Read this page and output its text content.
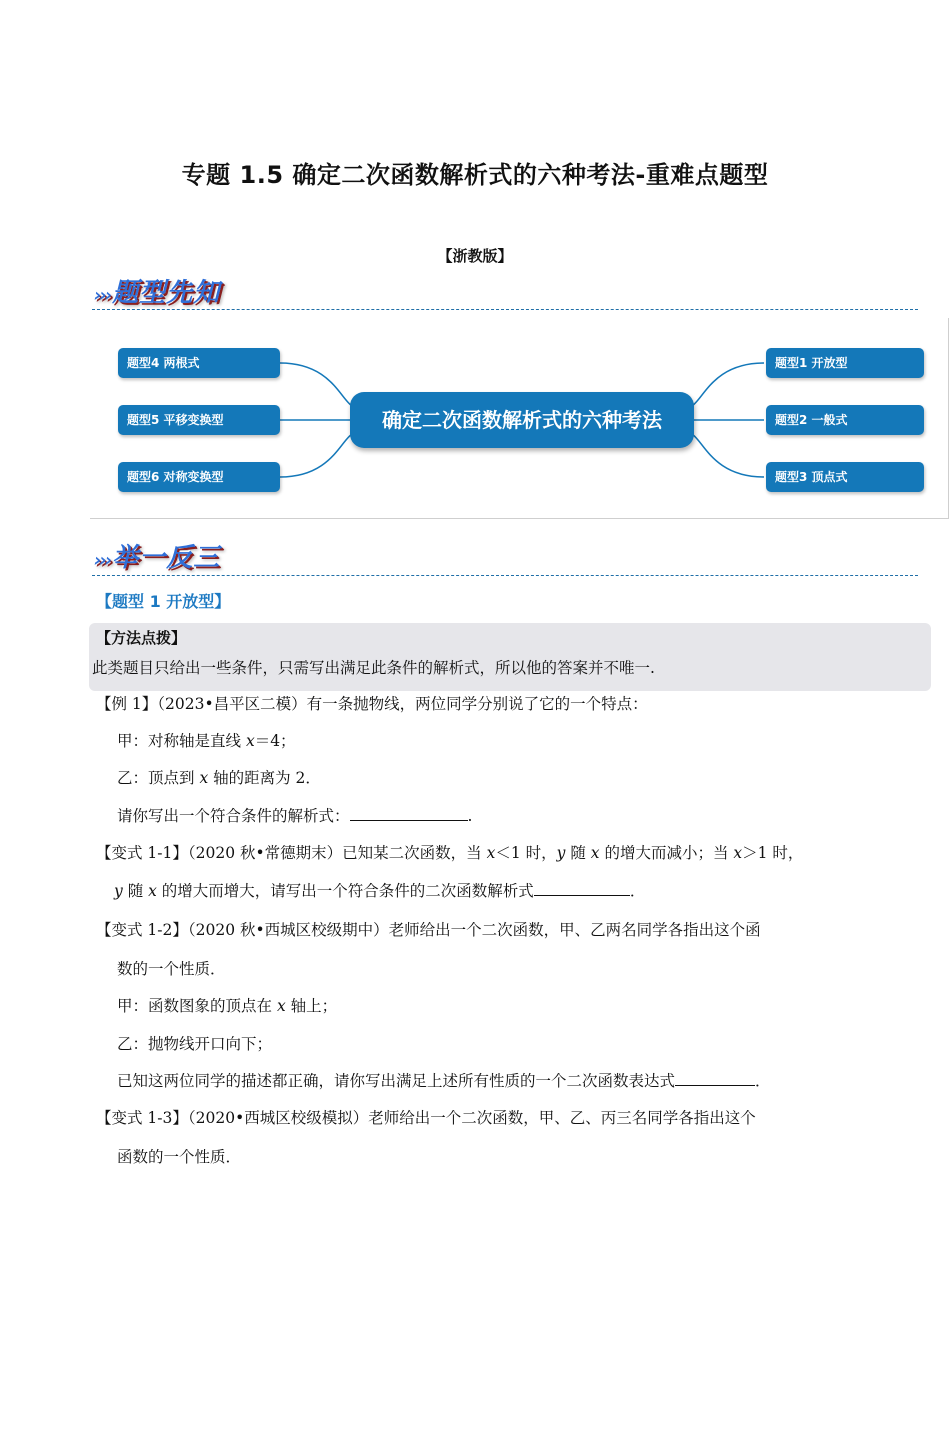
专题 1.5 确定二次函数解析式的六种考法-重难点题型
【浙教版】
›››题型先知
确定二次函数解析式的六种考法
题型4 两根式
题型5 平移变换型
题型6 对称变换型
题型1 开放型
题型2 一般式
题型3 顶点式
›››举一反三
【题型 1 开放型】
【方法点拨】
此类题目只给出一些条件，只需写出满足此条件的解析式，所以他的答案并不唯一.
【例 1】（2023•昌平区二模）有一条抛物线，两位同学分别说了它的一个特点：
甲：对称轴是直线 x＝4；
乙：顶点到 x 轴的距离为 2．
请你写出一个符合条件的解析式：	.
【变式 1-1】（2020 秋•常德期末）已知某二次函数，当 x＜1 时，y 随 x 的增大而减小；当 x＞1 时，
y 随 x 的增大而增大，请写出一个符合条件的二次函数解析式	．
【变式 1-2】（2020 秋•西城区校级期中）老师给出一个二次函数，甲、乙两名同学各指出这个函
数的一个性质．
甲：函数图象的顶点在 x 轴上；
乙：抛物线开口向下；
已知这两位同学的描述都正确，请你写出满足上述所有性质的一个二次函数表达式	．
【变式 1-3】（2020•西城区校级模拟）老师给出一个二次函数，甲、乙、丙三名同学各指出这个
函数的一个性质．
